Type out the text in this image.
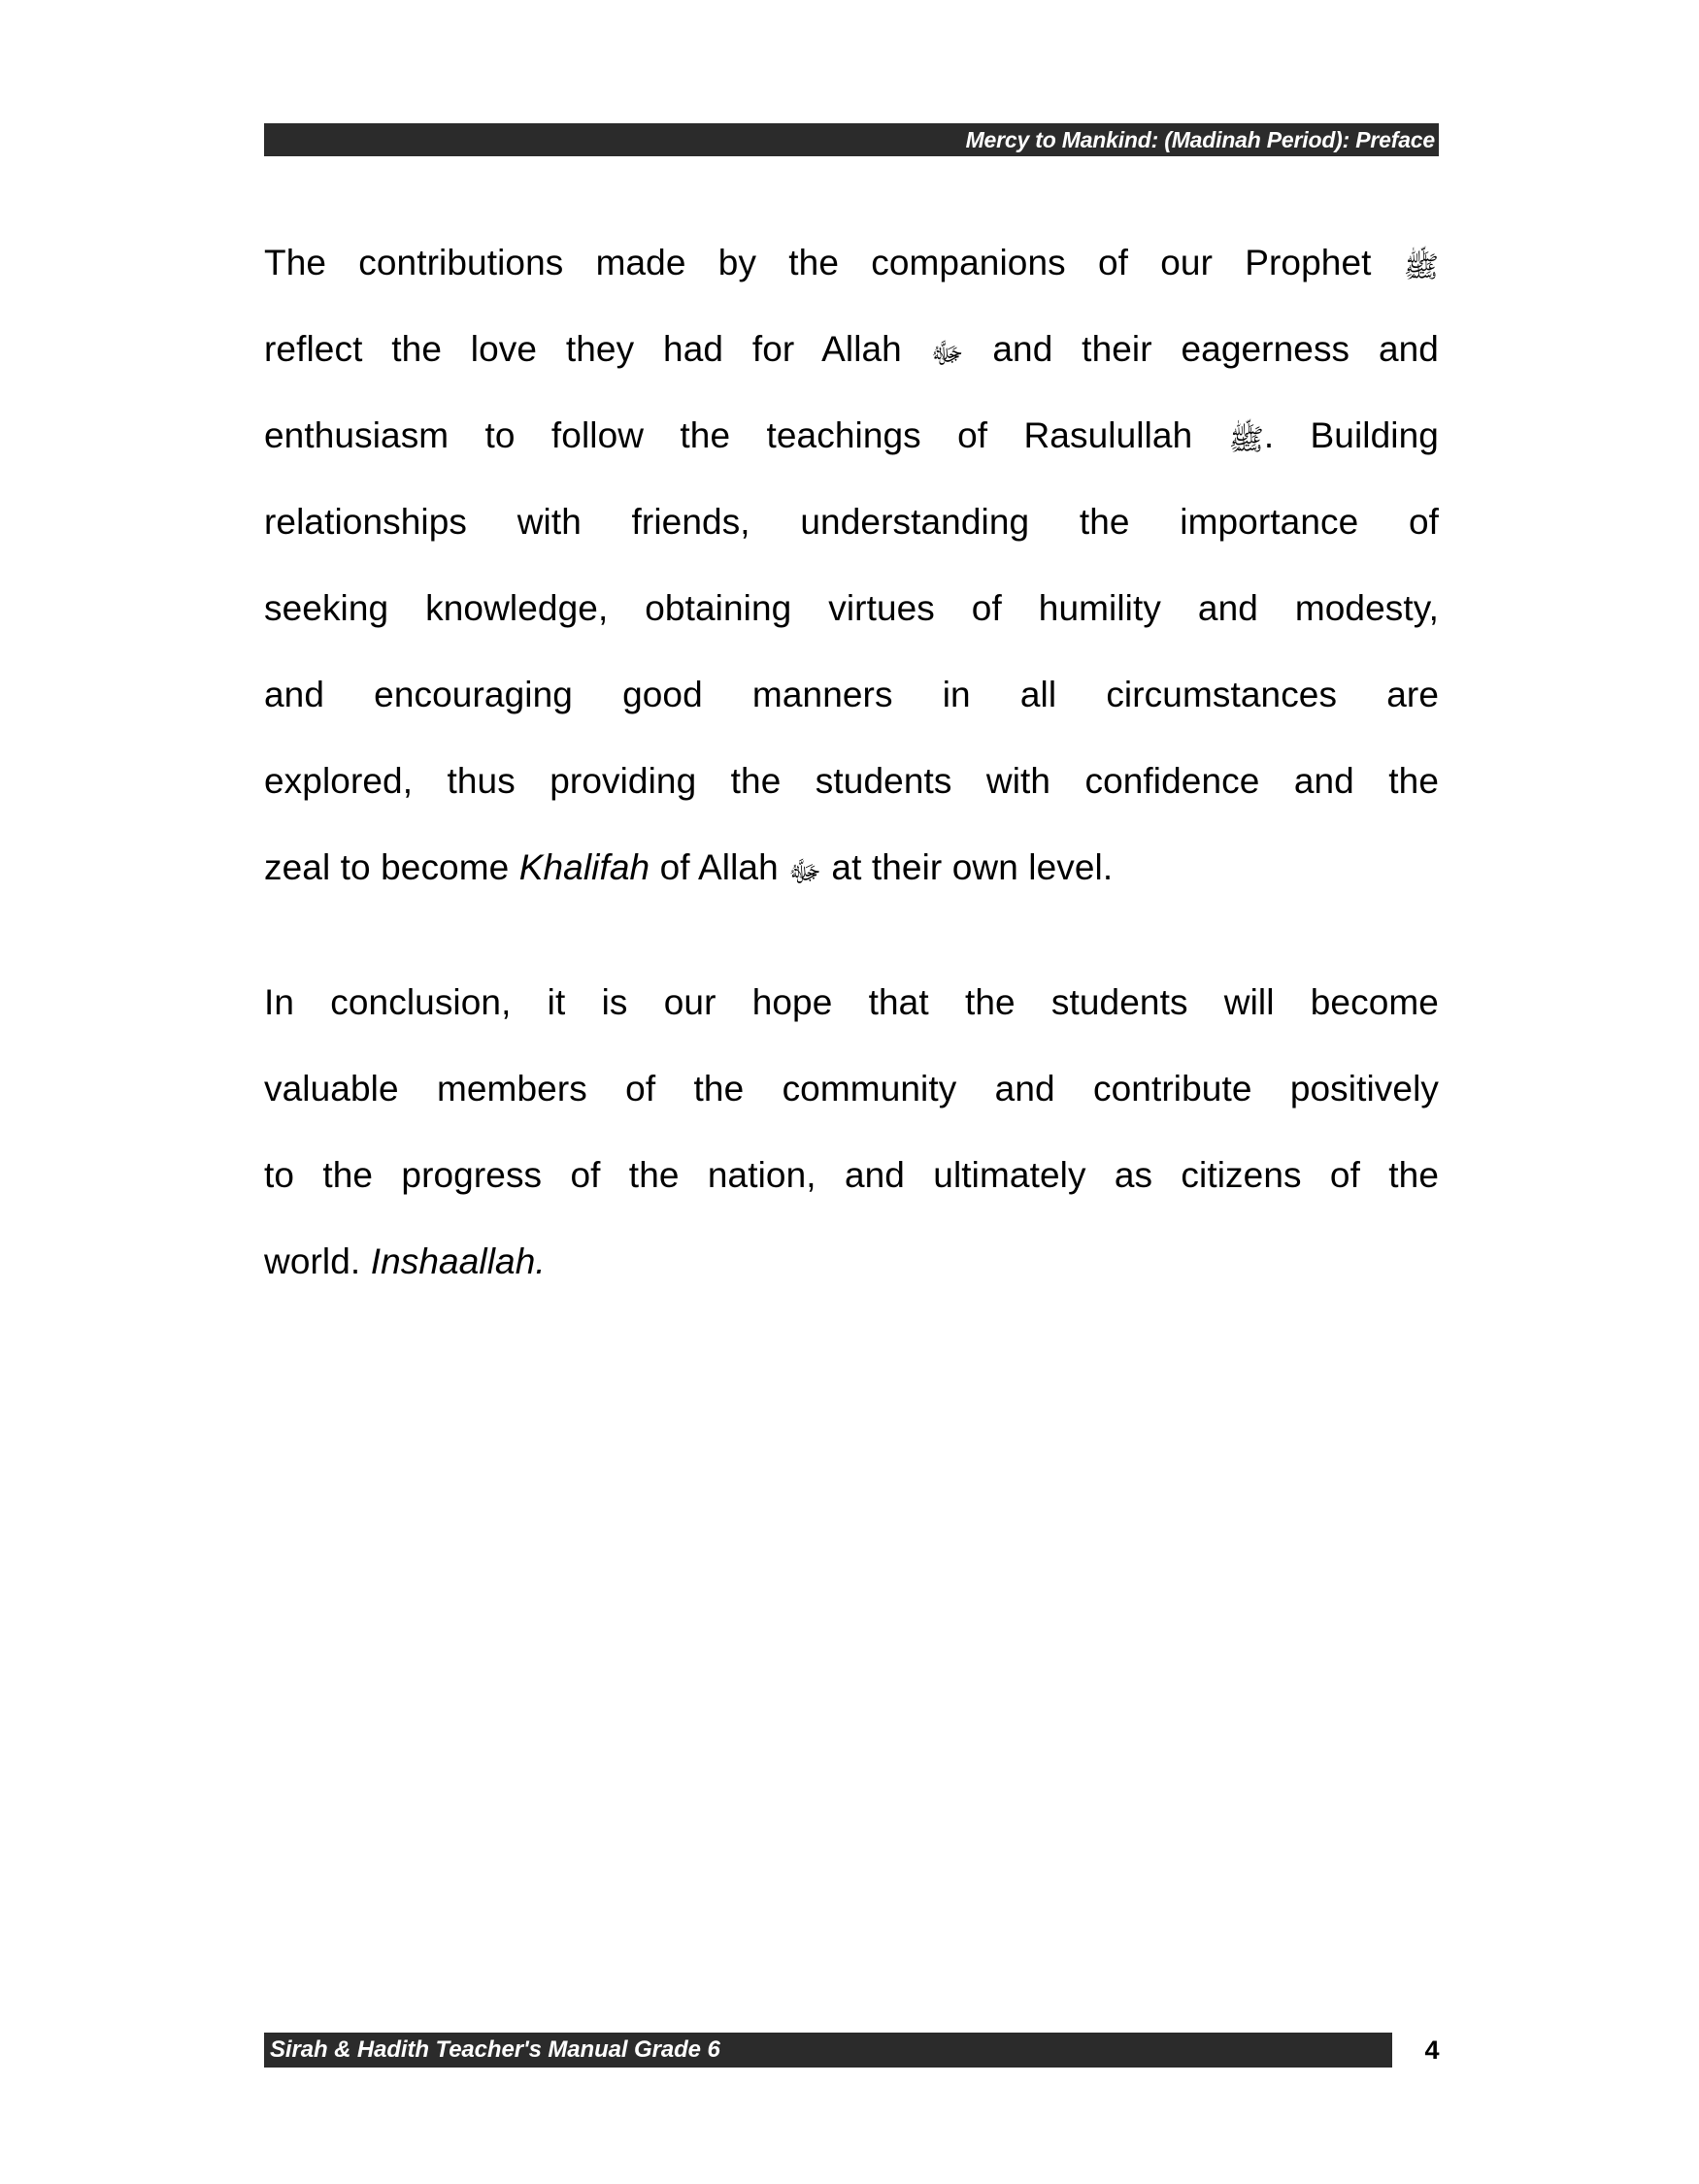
Mercy to Mankind: (Madinah Period): Preface

The contributions made by the companions of our Prophet ﷺ
reflect the love they had for Allah ﷻ and their eagerness and
enthusiasm to follow the teachings of Rasulullah ﷺ. Building
relationships with friends, understanding the importance of
seeking knowledge, obtaining virtues of humility and modesty,
and encouraging good manners in all circumstances are
explored, thus providing the students with confidence and the
zeal to become Khalifah of Allah ﷻ at their own level.

In conclusion, it is our hope that the students will become
valuable members of the community and contribute positively
to the progress of the nation, and ultimately as citizens of the
world. Inshaallah.

Sirah & Hadith Teacher's Manual Grade 6	4
